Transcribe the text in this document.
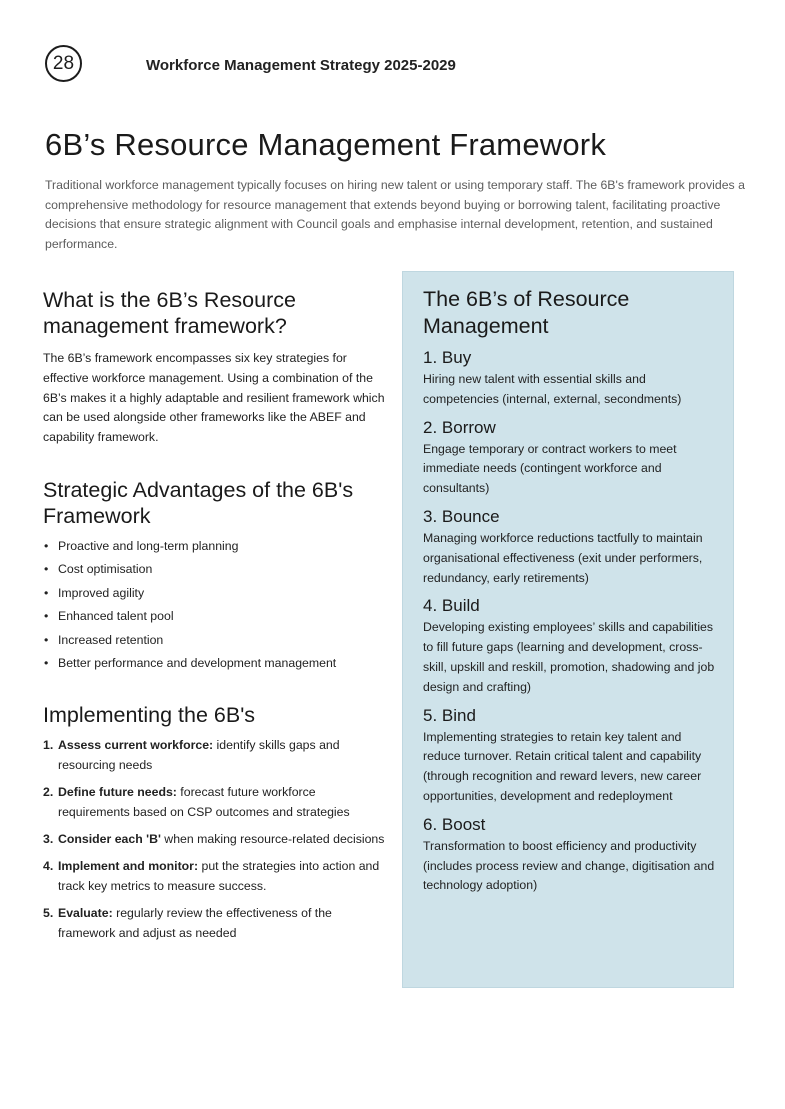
28	Workforce Management Strategy 2025-2029
6B’s Resource Management Framework

Traditional workforce management typically focuses on hiring new talent or using temporary staff. The 6B's framework provides a comprehensive methodology for resource management that extends beyond buying or borrowing talent, facilitating proactive decisions that ensure strategic alignment with Council goals and emphasise internal development, retention, and sustained performance.

What is the 6B’s Resource management framework?

The 6B’s framework encompasses six key strategies for effective workforce management. Using a combination of the 6B’s makes it a highly adaptable and resilient framework which can be used alongside other frameworks like the ABEF and capability framework.

Strategic Advantages of the 6B's Framework
• Proactive and long-term planning
• Cost optimisation
• Improved agility
• Enhanced talent pool
• Increased retention
• Better performance and development management
Implementing the 6B's
1. Assess current workforce: identify skills gaps and resourcing needs
2. Define future needs: forecast future workforce requirements based on CSP outcomes and strategies
3. Consider each 'B' when making resource-related decisions
4. Implement and monitor: put the strategies into action and track key metrics to measure success.
5. Evaluate: regularly review the effectiveness of the framework and adjust as needed
The 6B’s of Resource Management
1. Buy

Hiring new talent with essential skills and competencies (internal, external, secondments)

2. Borrow

Engage temporary or contract workers to meet immediate needs (contingent workforce and consultants)

3. Bounce

Managing workforce reductions tactfully to maintain organisational effectiveness (exit under performers, redundancy, early retirements)

4. Build

Developing existing employees’ skills and capabilities to fill future gaps (learning and development, cross-skill, upskill and reskill, promotion, shadowing and job design and crafting)

5. Bind

Implementing strategies to retain key talent and reduce turnover. Retain critical talent and capability (through recognition and reward levers, new career opportunities, development and redeployment

6. Boost

Transformation to boost efficiency and productivity (includes process review and change, digitisation and technology adoption)
